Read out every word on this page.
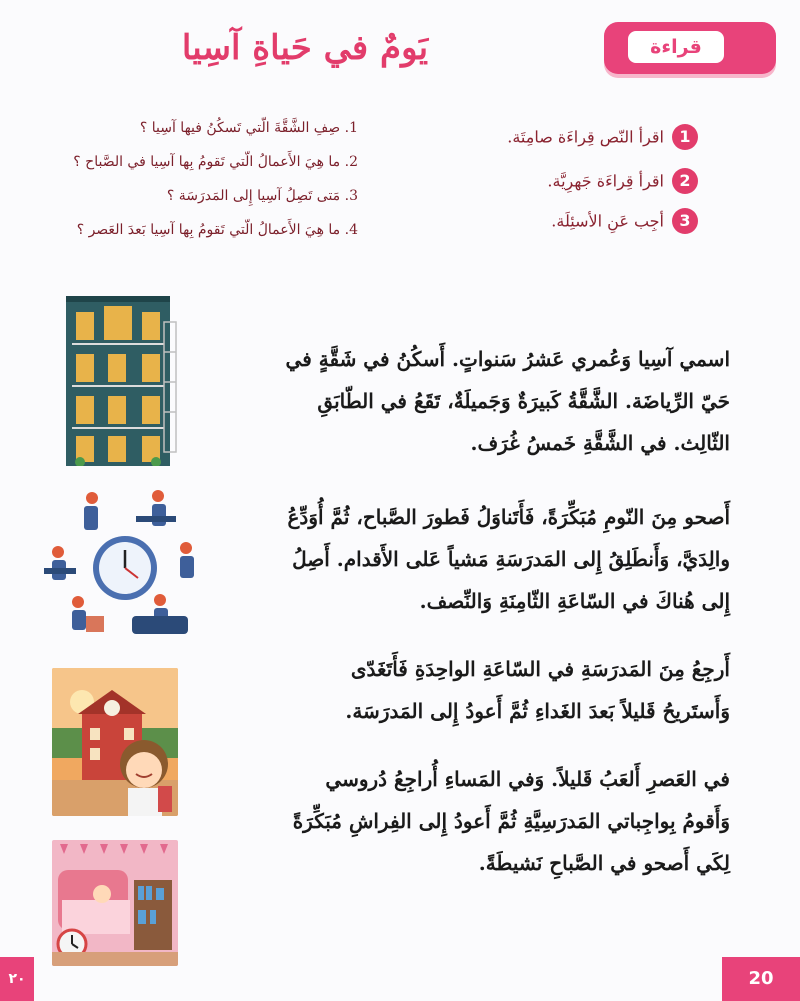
قراءة
يَومٌ في حَياةِ آسِيا
1اقرأ النّص قِراءَة صامِتَة.
2اقرأ قِراءَة جَهرِيَّة.
3أجِب عَنِ الأسئِلَة.
1. صِفِ الشَّقَّةَ الّتي تَسكُنُ فيها آسِيا ؟
2. ما هِيَ الأَعمالُ الّتي تَقومُ بِها آسِيا في الصَّباح ؟
3. مَتى تَصِلُ آسِيا إِلى المَدرَسَة ؟
4. ما هِيَ الأَعمالُ الّتي تَقومُ بِها آسِيا بَعدَ العَصر ؟
اسمي آسِيا وَعُمري عَشرُ سَنواتٍ. أَسكُنُ في شَقَّةٍ في حَيّ الرِّياضَة. الشَّقَّةُ كَبيرَةٌ وَجَميلَةٌ، تَقَعُ في الطّابَقِ الثّالِث. في الشَّقَّةِ خَمسُ غُرَف.
أَصحو مِنَ النّومِ مُبَكِّرَةً، فَأَتَناوَلُ فَطورَ الصَّباح، ثُمَّ أُوَدِّعُ والِدَيَّ، وَأَنطَلِقُ إِلى المَدرَسَةِ مَشياً عَلى الأَقدام. أَصِلُ إِلى هُناكَ في السّاعَةِ الثّامِنَةِ وَالنِّصف.
أَرجِعُ مِنَ المَدرَسَةِ في السّاعَةِ الواحِدَةِ فَأَتَغَدّى وَأَستَريحُ قَليلاً بَعدَ الغَداءِ ثُمَّ أَعودُ إِلى المَدرَسَة.
في العَصرِ أَلعَبُ قَليلاً. وَفي المَساءِ أُراجِعُ دُروسي وَأَقومُ بِواجِباتي المَدرَسِيَّةِ ثُمَّ أَعودُ إِلى الفِراشِ مُبَكِّرَةً لِكَي أَصحو في الصَّباحِ نَشيطَةً.
٢٠	20
